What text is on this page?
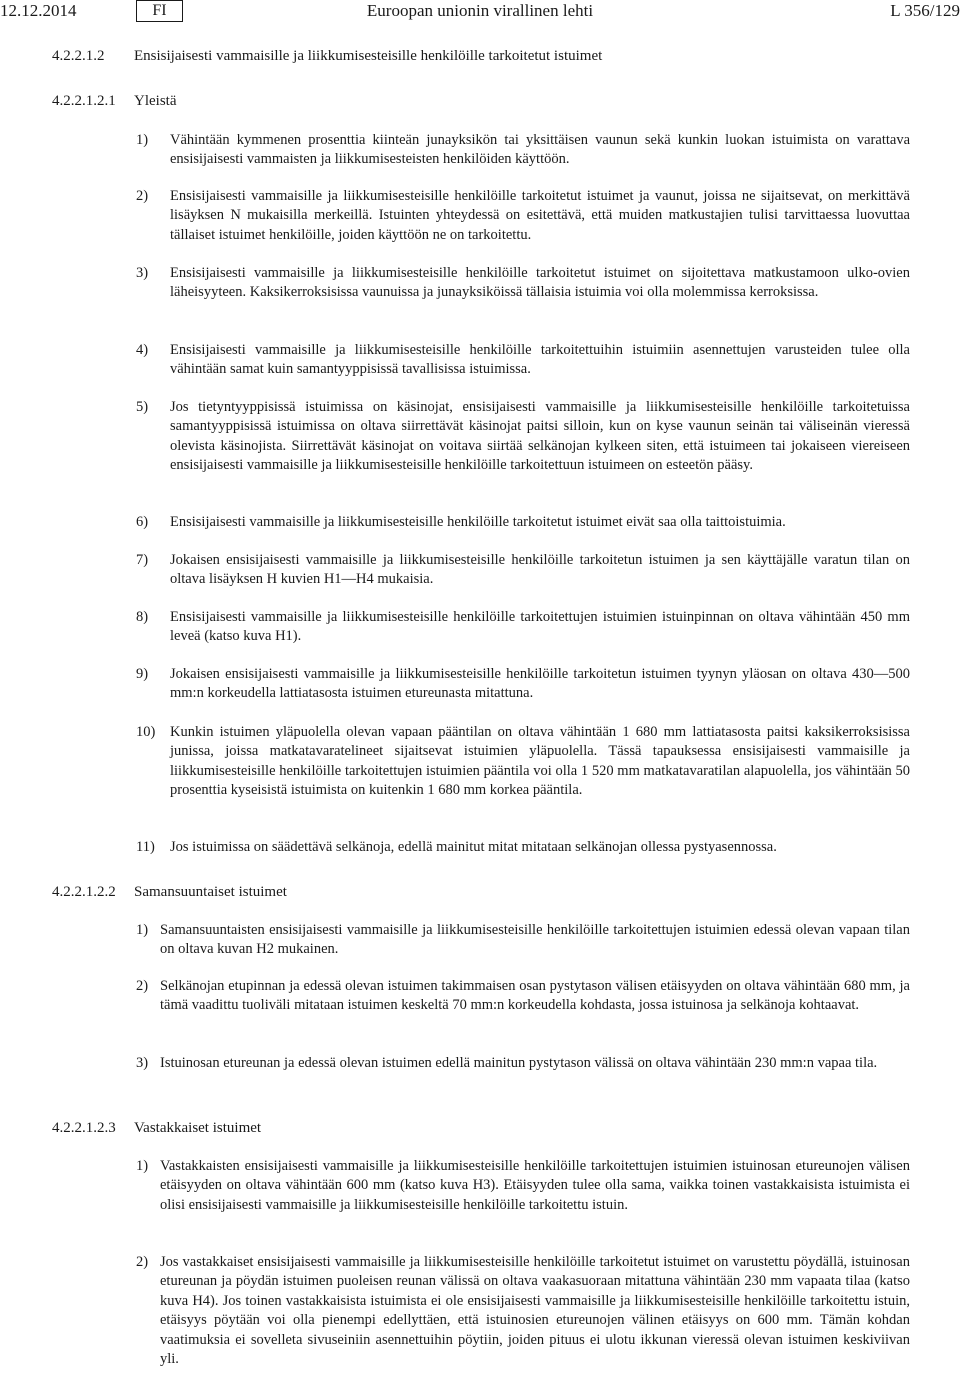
12.12.2014	FI	Euroopan unionin virallinen lehti	L 356/129
4.2.2.1.2 Ensisijaisesti vammaisille ja liikkumisesteisille henkilöille tarkoitetut istuimet
4.2.2.1.2.1 Yleistä
1) Vähintään kymmenen prosenttia kiinteän junayksikön tai yksittäisen vaunun sekä kunkin luokan istuimista on varattava ensisijaisesti vammaisten ja liikkumisesteisten henkilöiden käyttöön.
2) Ensisijaisesti vammaisille ja liikkumisesteisille henkilöille tarkoitetut istuimet ja vaunut, joissa ne sijaitsevat, on merkittävä lisäyksen N mukaisilla merkeillä. Istuinten yhteydessä on esitettävä, että muiden matkustajien tulisi tarvittaessa luovuttaa tällaiset istuimet henkilöille, joiden käyttöön ne on tarkoitettu.
3) Ensisijaisesti vammaisille ja liikkumisesteisille henkilöille tarkoitetut istuimet on sijoitettava matkustamoon ulko-ovien läheisyyteen. Kaksikerroksisissa vaunuissa ja junayksiköissä tällaisia istuimia voi olla molemmissa kerroksissa.
4) Ensisijaisesti vammaisille ja liikkumisesteisille henkilöille tarkoitettuihin istuimiin asennettujen varusteiden tulee olla vähintään samat kuin samantyyppisissä tavallisissa istuimissa.
5) Jos tietyntyyppisissä istuimissa on käsinojat, ensisijaisesti vammaisille ja liikkumisesteisille henkilöille tarkoitetuissa samantyyppisissä istuimissa on oltava siirrettävät käsinojat paitsi silloin, kun on kyse vaunun seinän tai väliseinän vieressä olevista käsinojista. Siirrettävät käsinojat on voitava siirtää selkänojan kylkeen siten, että istuimeen tai jokaiseen viereiseen ensisijaisesti vammaisille ja liikkumisesteisille henkilöille tarkoitettuun istuimeen on esteetön pääsy.
6) Ensisijaisesti vammaisille ja liikkumisesteisille henkilöille tarkoitetut istuimet eivät saa olla taittoistuimia.
7) Jokaisen ensisijaisesti vammaisille ja liikkumisesteisille henkilöille tarkoitetun istuimen ja sen käyttäjälle varatun tilan on oltava lisäyksen H kuvien H1—H4 mukaisia.
8) Ensisijaisesti vammaisille ja liikkumisesteisille henkilöille tarkoitettujen istuimien istuinpinnan on oltava vähintään 450 mm leveä (katso kuva H1).
9) Jokaisen ensisijaisesti vammaisille ja liikkumisesteisille henkilöille tarkoitetun istuimen tyynyn yläosan on oltava 430—500 mm:n korkeudella lattiatasosta istuimen etureunasta mitattuna.
10) Kunkin istuimen yläpuolella olevan vapaan pääntilan on oltava vähintään 1 680 mm lattiatasosta paitsi kaksikerroksisissa junissa, joissa matkatavaratelineet sijaitsevat istuimien yläpuolella. Tässä tapauksessa ensisijaisesti vammaisille ja liikkumisesteisille henkilöille tarkoitettujen istuimien pääntila voi olla 1 520 mm matkatavaratilan alapuolella, jos vähintään 50 prosenttia kyseisistä istuimista on kuitenkin 1 680 mm korkea pääntila.
11) Jos istuimissa on säädettävä selkänoja, edellä mainitut mitat mitataan selkänojan ollessa pystyasennossa.
4.2.2.1.2.2 Samansuuntaiset istuimet
1) Samansuuntaisten ensisijaisesti vammaisille ja liikkumisesteisille henkilöille tarkoitettujen istuimien edessä olevan vapaan tilan on oltava kuvan H2 mukainen.
2) Selkänojan etupinnan ja edessä olevan istuimen takimmaisen osan pystytason välisen etäisyyden on oltava vähintään 680 mm, ja tämä vaadittu tuoliväli mitataan istuimen keskeltä 70 mm:n korkeudella kohdasta, jossa istuinosa ja selkänoja kohtaavat.
3) Istuinosan etureunan ja edessä olevan istuimen edellä mainitun pystytason välissä on oltava vähintään 230 mm:n vapaa tila.
4.2.2.1.2.3 Vastakkaiset istuimet
1) Vastakkaisten ensisijaisesti vammaisille ja liikkumisesteisille henkilöille tarkoitettujen istuimien istuinosan etureunojen välisen etäisyyden on oltava vähintään 600 mm (katso kuva H3). Etäisyyden tulee olla sama, vaikka toinen vastakkaisista istuimista ei olisi ensisijaisesti vammaisille ja liikkumisesteisille henkilöille tarkoitettu istuin.
2) Jos vastakkaiset ensisijaisesti vammaisille ja liikkumisesteisille henkilöille tarkoitetut istuimet on varustettu pöydällä, istuinosan etureunan ja pöydän istuimen puoleisen reunan välissä on oltava vaakasuoraan mitattuna vähintään 230 mm vapaata tilaa (katso kuva H4). Jos toinen vastakkaisista istuimista ei ole ensisijaisesti vammaisille ja liikkumisesteisille henkilöille tarkoitettu istuin, etäisyys pöytään voi olla pienempi edellyttäen, että istuinosien etureunojen välinen etäisyys on 600 mm. Tämän kohdan vaatimuksia ei sovelleta sivuseiniin asennettuihin pöytiin, joiden pituus ei ulotu ikkunan vieressä olevan istuimen keskiviivan yli.
